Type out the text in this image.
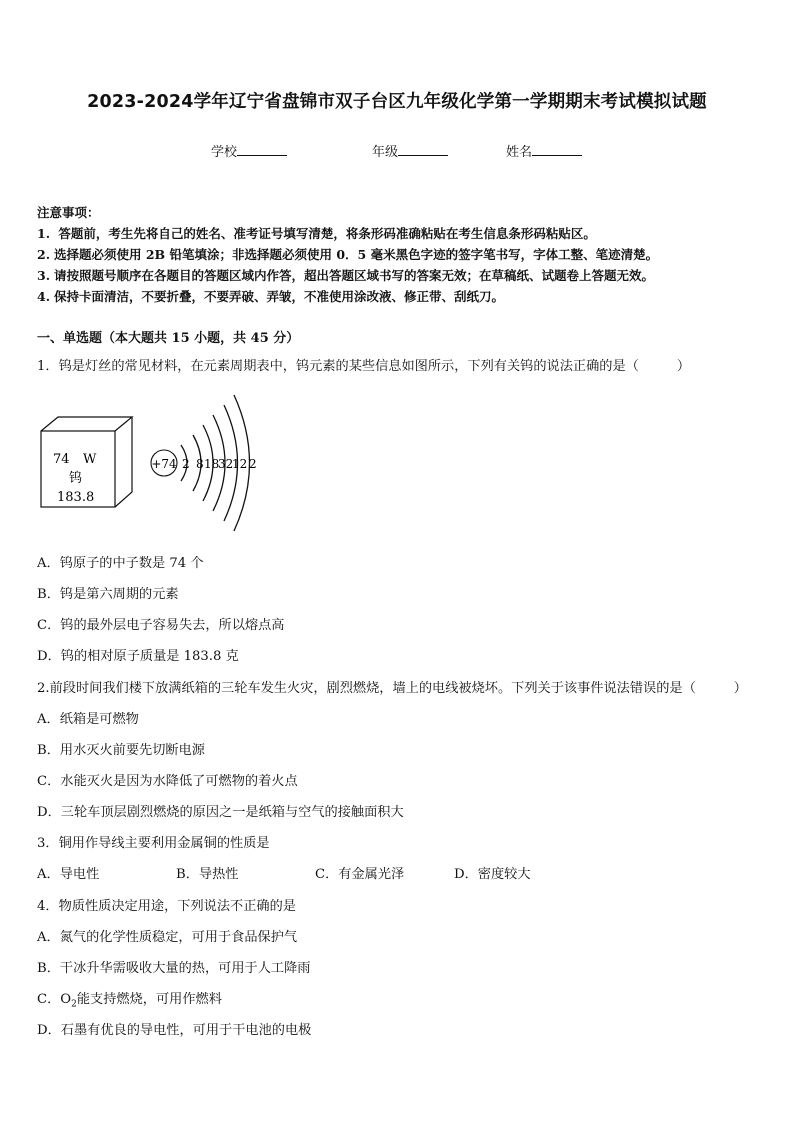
2023-2024学年辽宁省盘锦市双子台区九年级化学第一学期期末考试模拟试题
学校	年级	姓名
注意事项：
1. 答题前，考生先将自己的姓名、准考证号填写清楚，将条形码准确粘贴在考生信息条形码粘贴区。
2. 选择题必须使用 2B 铅笔填涂；非选择题必须使用 0．5 毫米黑色字迹的签字笔书写，字体工整、笔迹清楚。
3. 请按照题号顺序在各题目的答题区域内作答，超出答题区域书写的答案无效；在草稿纸、试题卷上答题无效。
4. 保持卡面清洁，不要折叠，不要弄破、弄皱，不准使用涂改液、修正带、刮纸刀。
一、单选题（本大题共 15 小题，共 45 分）
1．钨是灯丝的常见材料，在元素周期表中，钨元素的某些信息如图所示，下列有关钨的说法正确的是（	）
74 W
钨
183.8
+74 2 8 18
32
12 2
A．钨原子的中子数是 74 个
B．钨是第六周期的元素
C．钨的最外层电子容易失去，所以熔点高
D．钨的相对原子质量是 183.8 克
2.前段时间我们楼下放满纸箱的三轮车发生火灾，剧烈燃烧，墙上的电线被烧坏。下列关于该事件说法错误的是（	）
A．纸箱是可燃物
B．用水灭火前要先切断电源
C．水能灭火是因为水降低了可燃物的着火点
D．三轮车顶层剧烈燃烧的原因之一是纸箱与空气的接触面积大
3．铜用作导线主要利用金属铜的性质是
A．导电性	B．导热性	C．有金属光泽	D．密度较大
4．物质性质决定用途，下列说法不正确的是
A．氮气的化学性质稳定，可用于食品保护气
B．干冰升华需吸收大量的热，可用于人工降雨
C．$O_2$能支持燃烧，可用作燃料
D．石墨有优良的导电性，可用于干电池的电极
